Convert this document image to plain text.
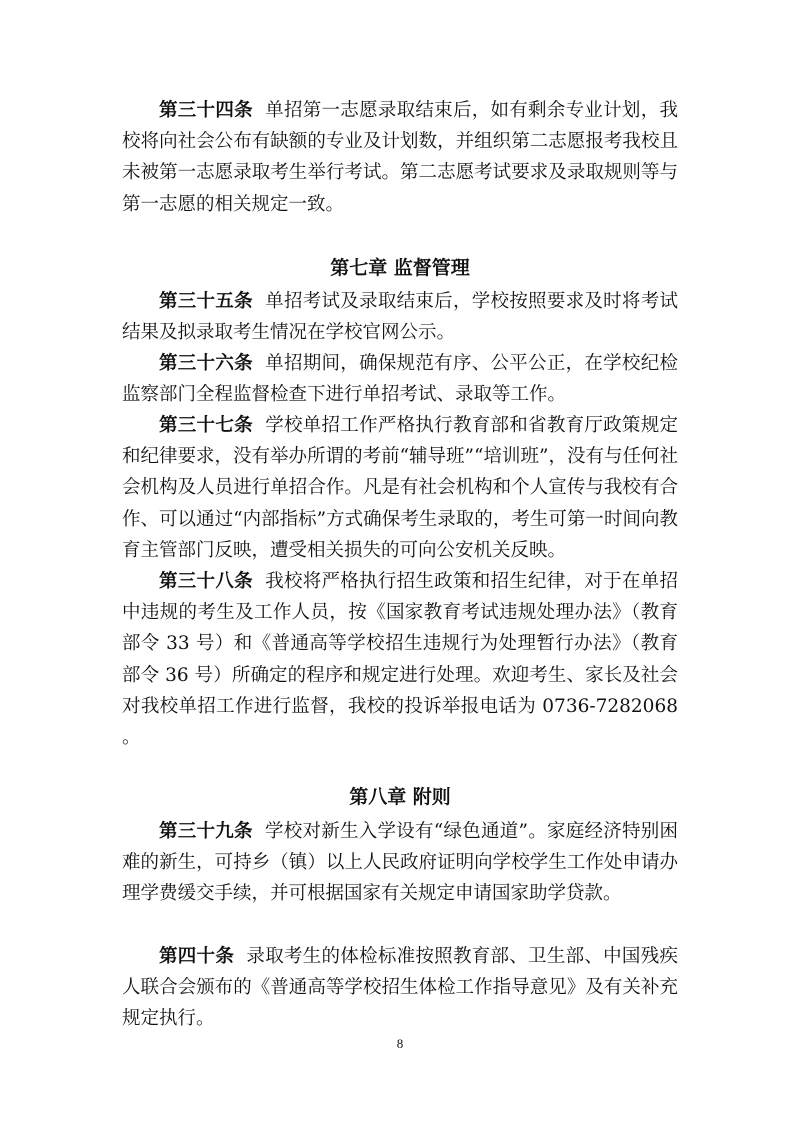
第三十四条 单招第一志愿录取结束后，如有剩余专业计划，我校将向社会公布有缺额的专业及计划数，并组织第二志愿报考我校且未被第一志愿录取考生举行考试。第二志愿考试要求及录取规则等与第一志愿的相关规定一致。

第七章 监督管理

第三十五条 单招考试及录取结束后，学校按照要求及时将考试结果及拟录取考生情况在学校官网公示。

第三十六条 单招期间，确保规范有序、公平公正，在学校纪检监察部门全程监督检查下进行单招考试、录取等工作。

第三十七条 学校单招工作严格执行教育部和省教育厅政策规定和纪律要求，没有举办所谓的考前“辅导班”“培训班”，没有与任何社会机构及人员进行单招合作。凡是有社会机构和个人宣传与我校有合作、可以通过“内部指标”方式确保考生录取的，考生可第一时间向教育主管部门反映，遭受相关损失的可向公安机关反映。

第三十八条 我校将严格执行招生政策和招生纪律，对于在单招中违规的考生及工作人员，按《国家教育考试违规处理办法》（教育部令 33 号）和《普通高等学校招生违规行为处理暂行办法》（教育部令 36 号）所确定的程序和规定进行处理。欢迎考生、家长及社会对我校单招工作进行监督，我校的投诉举报电话为 0736-7282068 。

第八章 附则

第三十九条 学校对新生入学设有“绿色通道”。家庭经济特别困难的新生，可持乡（镇）以上人民政府证明向学校学生工作处申请办理学费缓交手续，并可根据国家有关规定申请国家助学贷款。

第四十条 录取考生的体检标准按照教育部、卫生部、中国残疾人联合会颁布的《普通高等学校招生体检工作指导意见》及有关补充规定执行。

8
